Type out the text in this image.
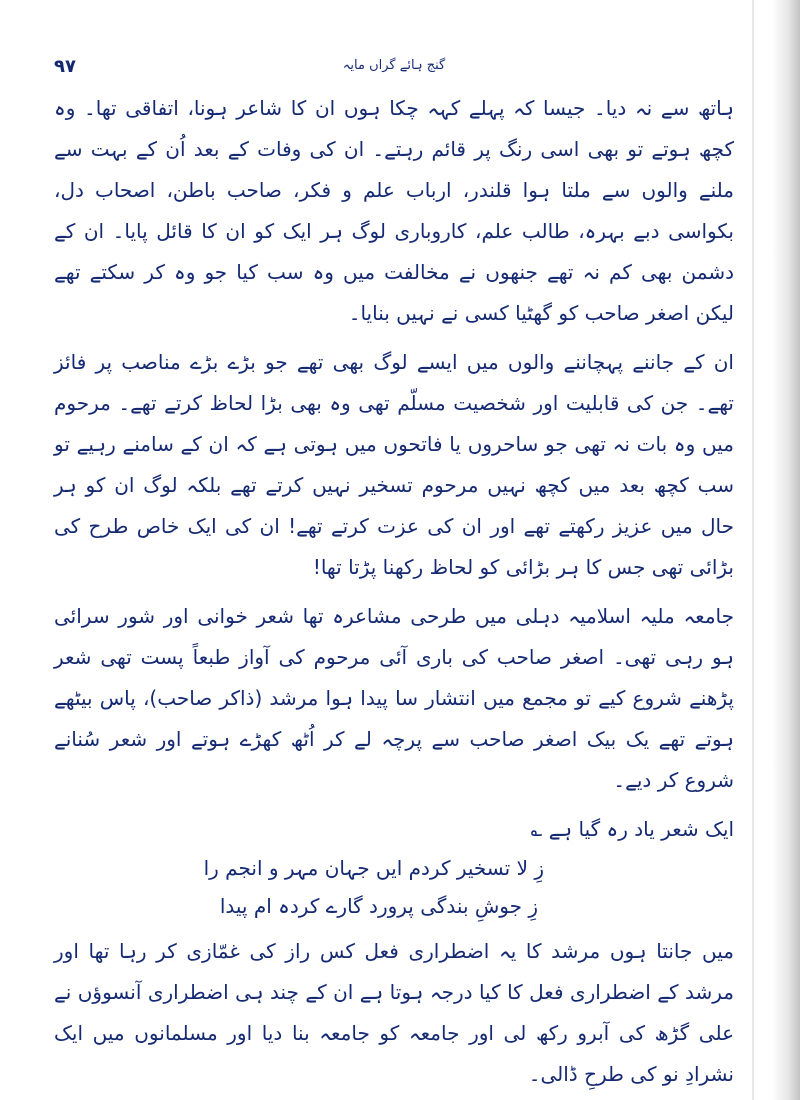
گنج ہائے گراں مایہ
۹۷

ہاتھ سے نہ دیا۔ جیسا کہ پہلے کہہ چکا ہوں ان کا شاعر ہونا، اتفاقی تھا۔ وہ کچھ ہوتے تو بھی اسی رنگ پر قائم رہتے۔ ان کی وفات کے بعد اُن کے بہت سے ملنے والوں سے ملتا ہوا قلندر، ارباب علم و فکر، صاحب باطن، اصحاب دل، بکواسی دبے بہرہ، طالب علم، کاروباری لوگ ہر ایک کو ان کا قائل پایا۔ ان کے دشمن بھی کم نہ تھے جنھوں نے مخالفت میں وہ سب کیا جو وہ کر سکتے تھے لیکن اصغر صاحب کو گھٹیا کسی نے نہیں بنایا۔

ان کے جاننے پہچاننے والوں میں ایسے لوگ بھی تھے جو بڑے بڑے مناصب پر فائز تھے۔ جن کی قابلیت اور شخصیت مسلّم تھی وہ بھی بڑا لحاظ کرتے تھے۔ مرحوم میں وہ بات نہ تھی جو ساحروں یا فاتحوں میں ہوتی ہے کہ ان کے سامنے رہیے تو سب کچھ بعد میں کچھ نہیں مرحوم تسخیر نہیں کرتے تھے بلکہ لوگ ان کو ہر حال میں عزیز رکھتے تھے اور ان کی عزت کرتے تھے! ان کی ایک خاص طرح کی بڑائی تھی جس کا ہر بڑائی کو لحاظ رکھنا پڑتا تھا!

جامعہ ملیہ اسلامیہ دہلی میں طرحی مشاعرہ تھا شعر خوانی اور شور سرائی ہو رہی تھی۔ اصغر صاحب کی باری آئی مرحوم کی آواز طبعاً پست تھی شعر پڑھنے شروع کیے تو مجمع میں انتشار سا پیدا ہوا مرشد (ذاکر صاحب)، پاس بیٹھے ہوتے تھے یک بیک اصغر صاحب سے پرچہ لے کر اُٹھ کھڑے ہوتے اور شعر سُنانے شروع کر دیے۔

ایک شعر یاد رہ گیا ہے ؎

زِ لا تسخیر کردم ایں جہان مہر و انجم را
زِ جوشِ بندگی پرورد گارے کردہ ام پیدا

میں جانتا ہوں مرشد کا یہ اضطراری فعل کس راز کی غمّازی کر رہا تھا اور مرشد کے اضطراری فعل کا کیا درجہ ہوتا ہے ان کے چند ہی اضطراری آنسوؤں نے علی گڑھ کی آبرو رکھ لی اور جامعہ کو جامعہ بنا دیا اور مسلمانوں میں ایک نشرادِ نو کی طرحِ ڈالی۔
